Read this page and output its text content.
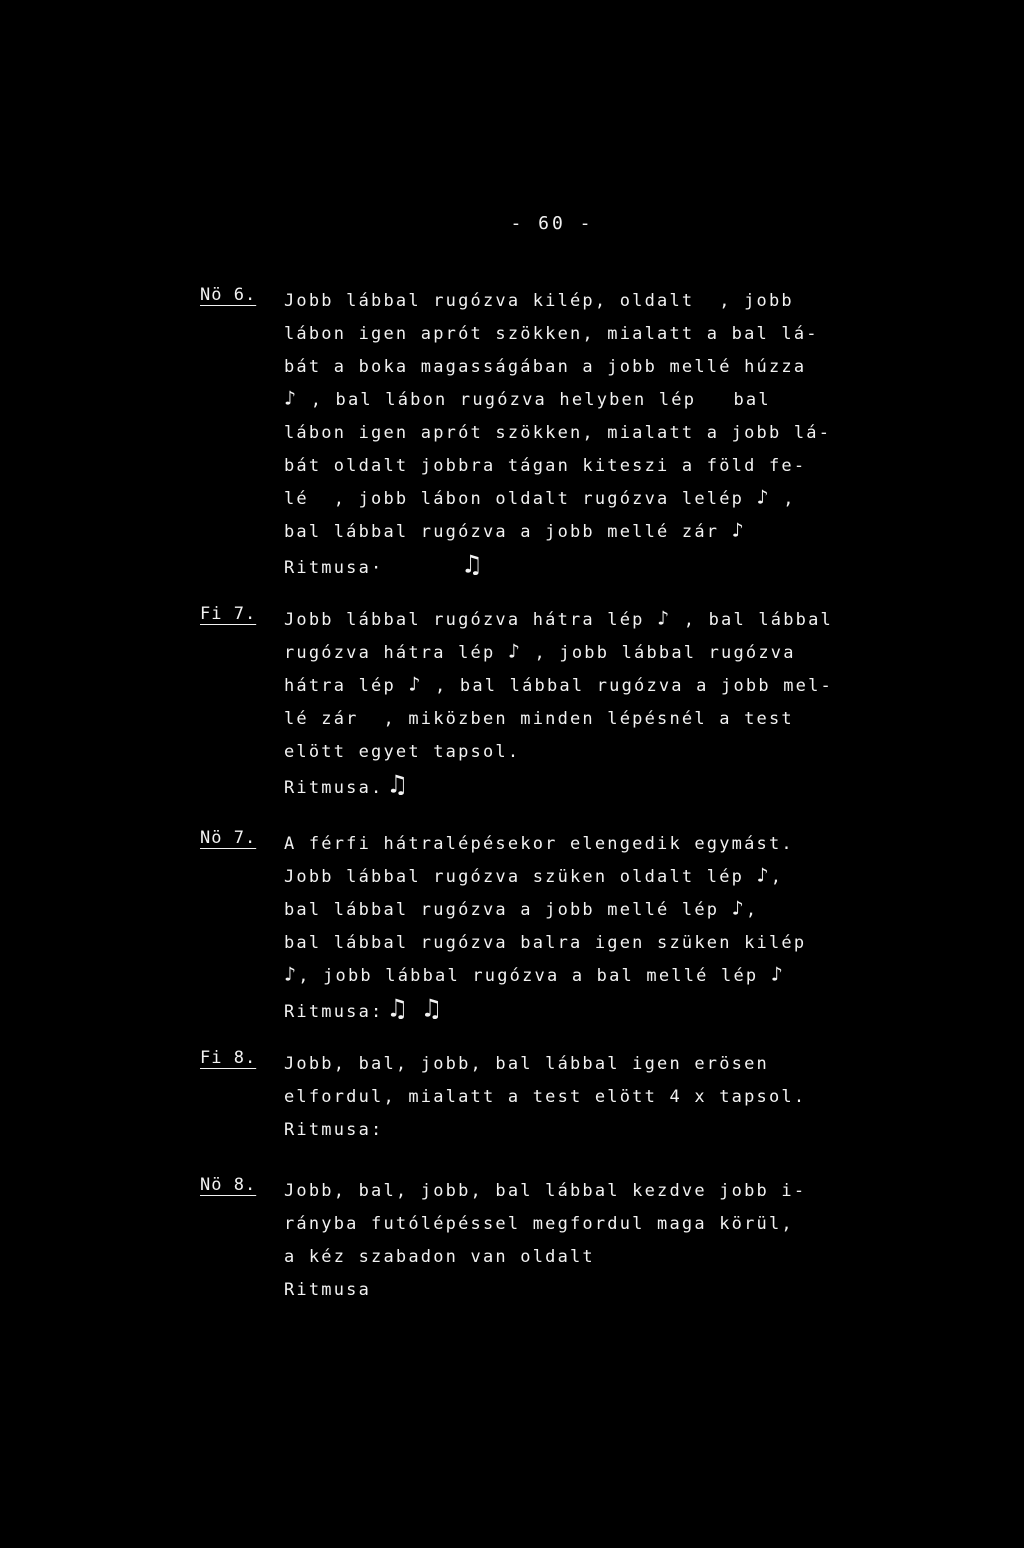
- 60 -
Nö 6. Jobb lábbal rugózva kilép, oldalt  , jobb
lábon igen aprót szökken, mialatt a bal lá-
bát a boka magasságában a jobb mellé húzza
♪ , bal lábon rugózva helyben lép   bal
lábon igen aprót szökken, mialatt a jobb lá-
bát oldalt jobbra tágan kiteszi a föld fe-
lé  , jobb lábon oldalt rugózva lelép ♪ ,
bal lábbal rugózva a jobb mellé zár ♪
Ritmusa·	♫
Fi 7. Jobb lábbal rugózva hátra lép ♪ , bal lábbal
rugózva hátra lép ♪ , jobb lábbal rugózva
hátra lép ♪ , bal lábbal rugózva a jobb mel-
lé zár  , miközben minden lépésnél a test
elött egyet tapsol.
Ritmusa. ♫
Nö 7. A férfi hátralépésekor elengedik egymást.
Jobb lábbal rugózva szüken oldalt lép ♪,
bal lábbal rugózva a jobb mellé lép ♪,
bal lábbal rugózva balra igen szüken kilép
♪, jobb lábbal rugózva a bal mellé lép ♪
Ritmusa: ♫ ♫
Fi 8. Jobb, bal, jobb, bal lábbal igen erösen
elfordul, mialatt a test elött 4 x tapsol.
Ritmusa:
Nö 8. Jobb, bal, jobb, bal lábbal kezdve jobb i-
rányba futólépéssel megfordul maga körül,
a kéz szabadon van oldalt
Ritmusa
